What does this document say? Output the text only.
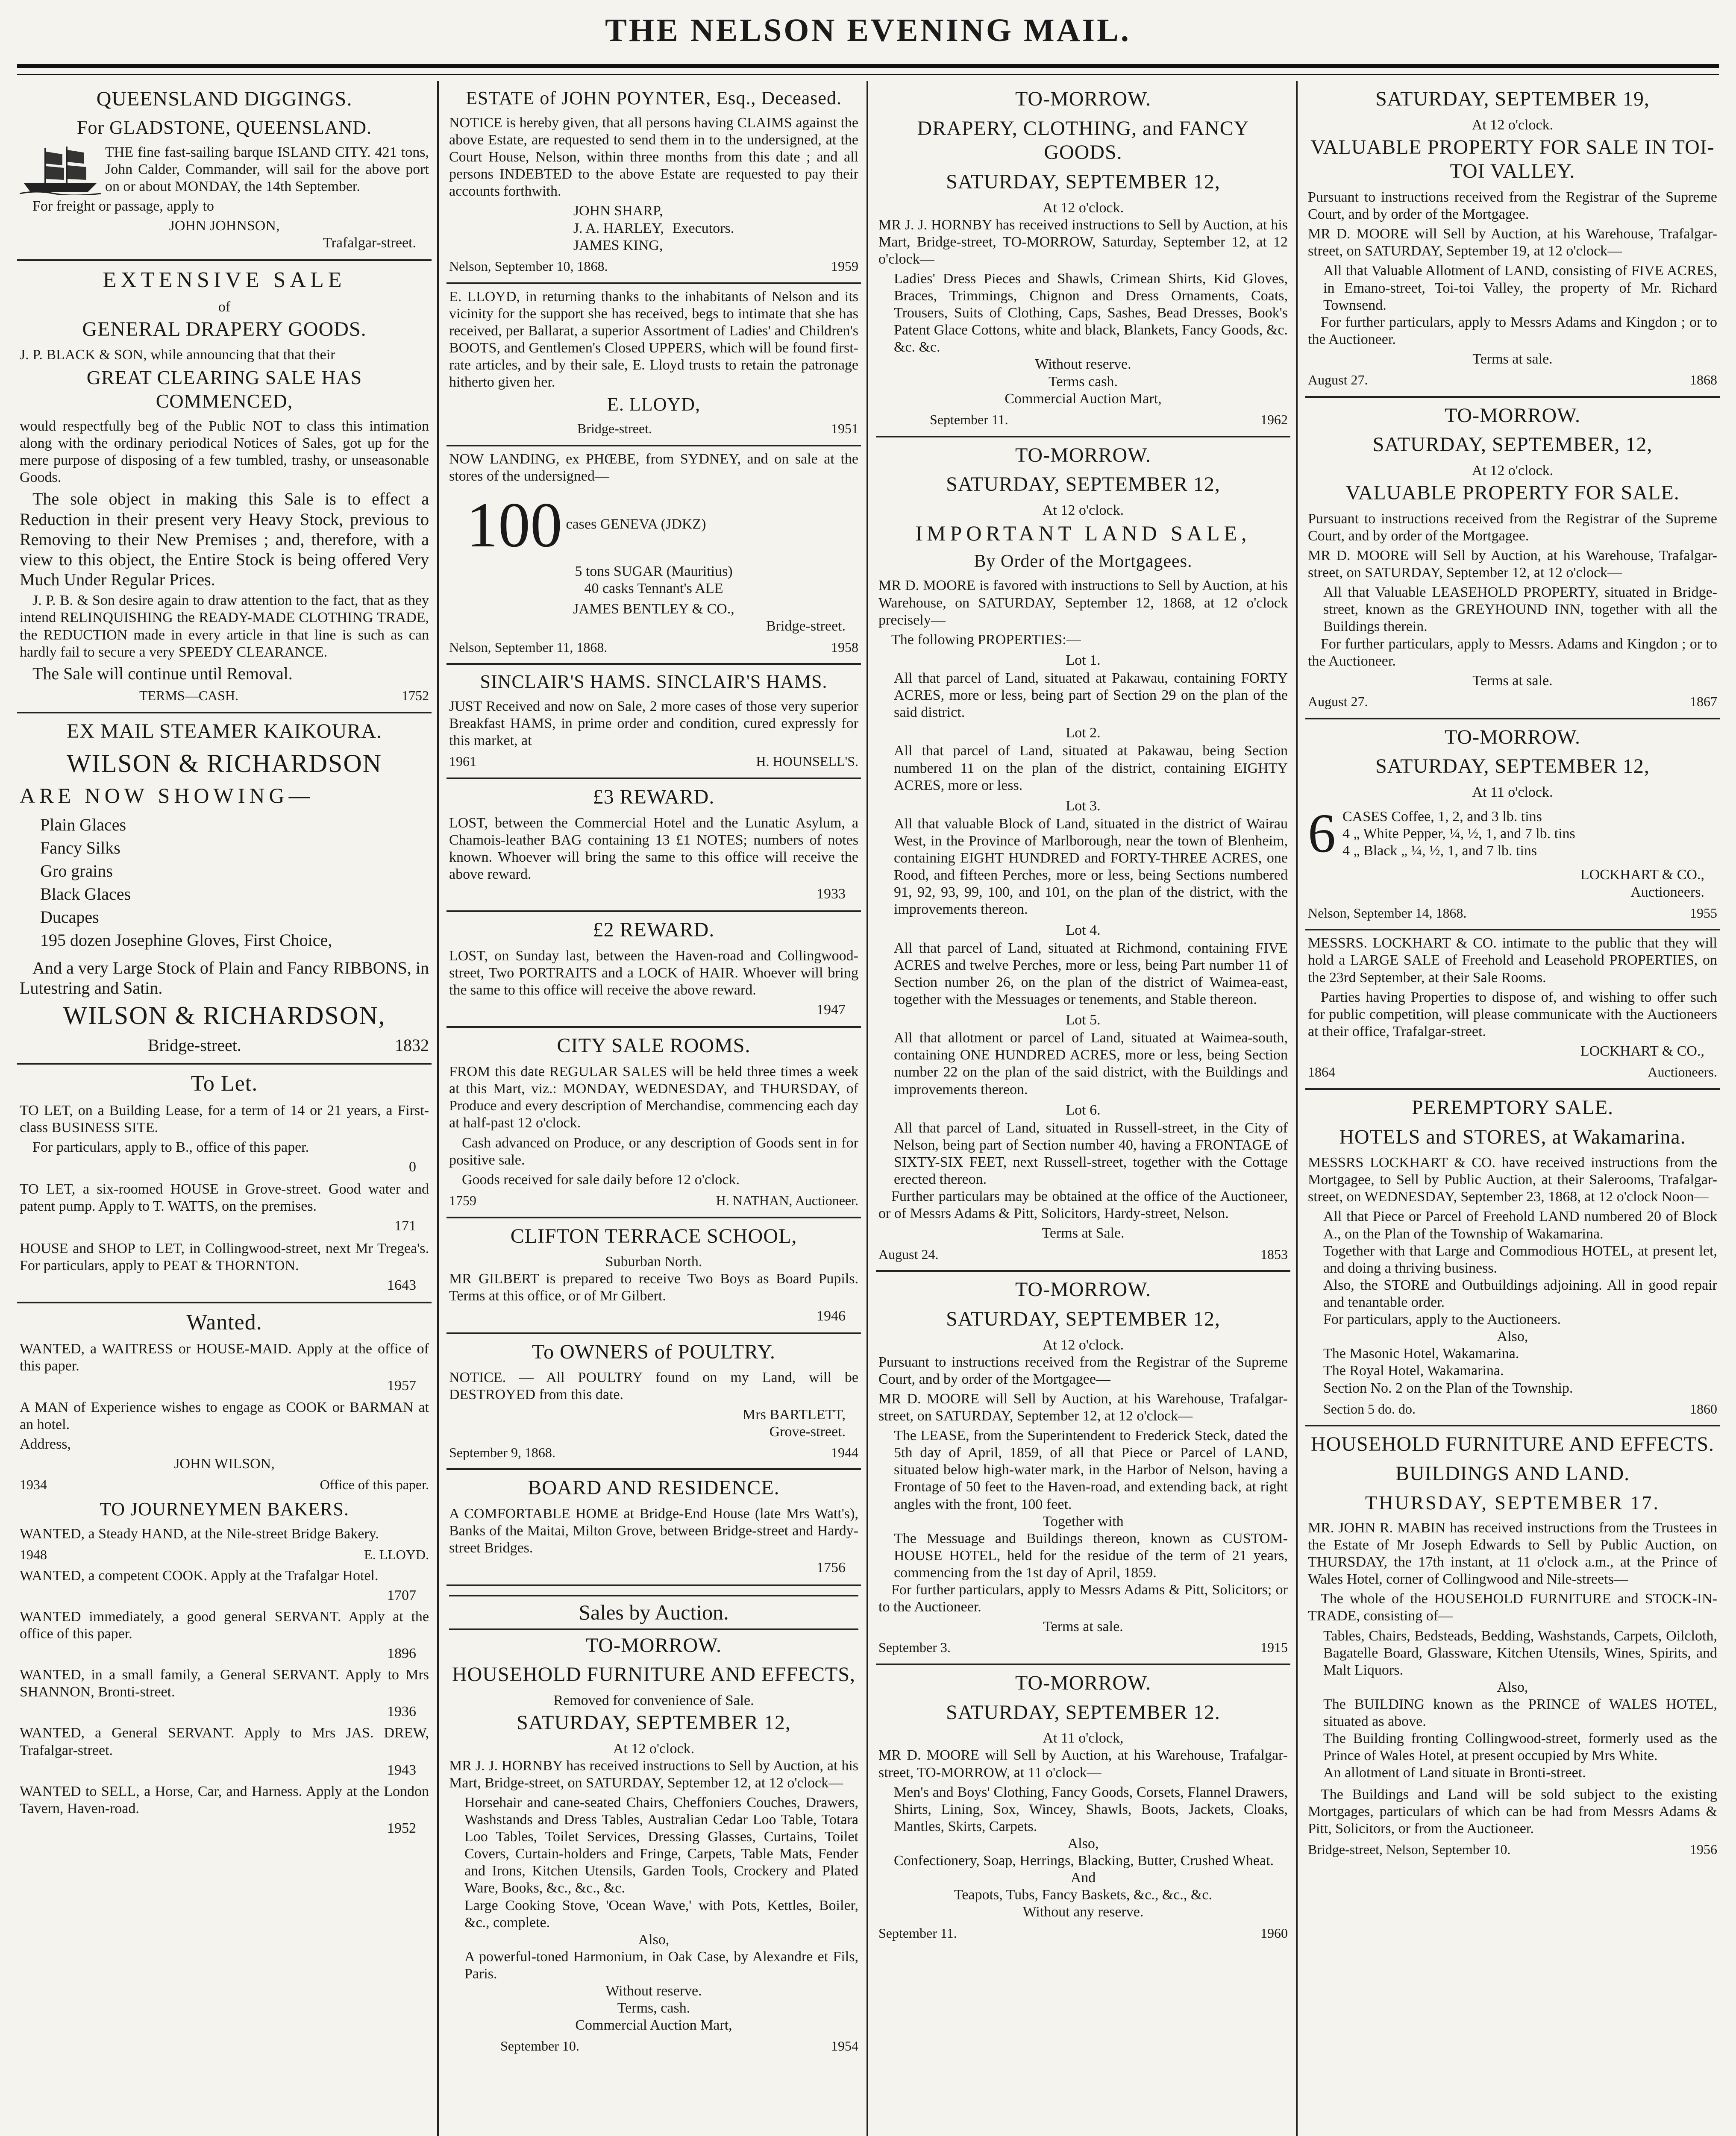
THE NELSON EVENING MAIL.
QUEENSLAND DIGGINGS.
For GLADSTONE, QUEENSLAND.
THE fine fast-sailing barque ISLAND CITY. 421 tons, John Calder, Commander, will sail for the above port on or about MONDAY, the 14th September.
For freight or passage, apply to
JOHN JOHNSON,
Trafalgar-street.
EXTENSIVE SALE
of
GENERAL DRAPERY GOODS.
J. P. BLACK & SON, while announcing that that their
GREAT CLEARING SALE HAS COMMENCED,
would respectfully beg of the Public NOT to class this intimation along with the ordinary periodical Notices of Sales, got up for the mere purpose of disposing of a few tumbled, trashy, or unseasonable Goods.
The sole object in making this Sale is to effect a Reduction in their present very Heavy Stock, previous to Removing to their New Premises ; and, therefore, with a view to this object, the Entire Stock is being offered Very Much Under Regular Prices.
J. P. B. & Son desire again to draw attention to the fact, that as they intend RELINQUISHING the READY-MADE CLOTHING TRADE, the REDUCTION made in every article in that line is such as can hardly fail to secure a very SPEEDY CLEARANCE.
The Sale will continue until Removal.
TERMS—CASH.	1752
EX MAIL STEAMER KAIKOURA.
WILSON & RICHARDSON
ARE NOW SHOWING—
Plain Glaces
Fancy Silks
Gro grains
Black Glaces
Ducapes
195 dozen Josephine Gloves, First Choice,
And a very Large Stock of Plain and Fancy RIBBONS, in Lutestring and Satin.
WILSON & RICHARDSON,
Bridge-street.	1832
To Let.
TO LET, on a Building Lease, for a term of 14 or 21 years, a First-class BUSINESS SITE.
For particulars, apply to B., office of this paper.
0
TO LET, a six-roomed HOUSE in Grove-street. Good water and patent pump. Apply to T. WATTS, on the premises.
171
HOUSE and SHOP to LET, in Collingwood-street, next Mr Tregea's. For particulars, apply to PEAT & THORNTON.
1643
Wanted.
WANTED, a WAITRESS or HOUSE-MAID. Apply at the office of this paper.
1957
A MAN of Experience wishes to engage as COOK or BARMAN at an hotel.
Address,
JOHN WILSON,
1934	Office of this paper.
TO JOURNEYMEN BAKERS.
WANTED, a Steady HAND, at the Nile-street Bridge Bakery.
1948	E. LLOYD.
WANTED, a competent COOK. Apply at the Trafalgar Hotel.
1707
WANTED immediately, a good general SERVANT. Apply at the office of this paper.
1896
WANTED, in a small family, a General SERVANT. Apply to Mrs SHANNON, Bronti-street.
1936
WANTED, a General SERVANT. Apply to Mrs JAS. DREW, Trafalgar-street.
1943
WANTED to SELL, a Horse, Car, and Harness. Apply at the London Tavern, Haven-road.
1952
ESTATE of JOHN POYNTER, Esq., Deceased.
NOTICE is hereby given, that all persons having CLAIMS against the above Estate, are requested to send them in to the undersigned, at the Court House, Nelson, within three months from this date ; and all persons INDEBTED to the above Estate are requested to pay their accounts forthwith.
JOHN SHARP,
J. A. HARLEY,
JAMES KING,
Executors.
Nelson, September 10, 1868.	1959
E. LLOYD, in returning thanks to the inhabitants of Nelson and its vicinity for the support she has received, begs to intimate that she has received, per Ballarat, a superior Assortment of Ladies' and Children's BOOTS, and Gentlemen's Closed UPPERS, which will be found first-rate articles, and by their sale, E. Lloyd trusts to retain the patronage hitherto given her.
E. LLOYD,
Bridge-street.	1951
NOW LANDING, ex PHŒBE, from SYDNEY, and on sale at the stores of the undersigned—
100 cases GENEVA (JDKZ)
5 tons SUGAR (Mauritius)
40 casks Tennant's ALE
JAMES BENTLEY & CO.,
Bridge-street.
Nelson, September 11, 1868.	1958
SINCLAIR'S HAMS. SINCLAIR'S HAMS.
JUST Received and now on Sale, 2 more cases of those very superior Breakfast HAMS, in prime order and condition, cured expressly for this market, at
1961	H. HOUNSELL'S.
£3 REWARD.
LOST, between the Commercial Hotel and the Lunatic Asylum, a Chamois-leather BAG containing 13 £1 NOTES; numbers of notes known. Whoever will bring the same to this office will receive the above reward.
1933
£2 REWARD.
LOST, on Sunday last, between the Haven-road and Collingwood-street, Two PORTRAITS and a LOCK of HAIR. Whoever will bring the same to this office will receive the above reward.
1947
CITY SALE ROOMS.
FROM this date REGULAR SALES will be held three times a week at this Mart, viz.: MONDAY, WEDNESDAY, and THURSDAY, of Produce and every description of Merchandise, commencing each day at half-past 12 o'clock.
Cash advanced on Produce, or any description of Goods sent in for positive sale.
Goods received for sale daily before 12 o'clock.
1759	H. NATHAN, Auctioneer.
CLIFTON TERRACE SCHOOL,
Suburban North.
MR GILBERT is prepared to receive Two Boys as Board Pupils. Terms at this office, or of Mr Gilbert.
1946
To OWNERS of POULTRY.
NOTICE. — All POULTRY found on my Land, will be DESTROYED from this date.
Mrs BARTLETT,
Grove-street.
September 9, 1868.	1944
BOARD AND RESIDENCE.
A COMFORTABLE HOME at Bridge-End House (late Mrs Watt's), Banks of the Maitai, Milton Grove, between Bridge-street and Hardy-street Bridges.
1756
Sales by Auction.
TO-MORROW.
HOUSEHOLD FURNITURE AND EFFECTS,
Removed for convenience of Sale.
SATURDAY, SEPTEMBER 12,
At 12 o'clock.
MR J. J. HORNBY has received instructions to Sell by Auction, at his Mart, Bridge-street, on SATURDAY, September 12, at 12 o'clock—
Horsehair and cane-seated Chairs, Cheffoniers Couches, Drawers, Washstands and Dress Tables, Australian Cedar Loo Table, Totara Loo Tables, Toilet Services, Dressing Glasses, Curtains, Toilet Covers, Curtain-holders and Fringe, Carpets, Table Mats, Fender and Irons, Kitchen Utensils, Garden Tools, Crockery and Plated Ware, Books, &c., &c., &c.
Large Cooking Stove, 'Ocean Wave,' with Pots, Kettles, Boiler, &c., complete.
Also,
A powerful-toned Harmonium, in Oak Case, by Alexandre et Fils, Paris.
Without reserve.
Terms, cash.
Commercial Auction Mart,
September 10.	1954
TO-MORROW.
DRAPERY, CLOTHING, and FANCY GOODS.
SATURDAY, SEPTEMBER 12,
At 12 o'clock.
MR J. J. HORNBY has received instructions to Sell by Auction, at his Mart, Bridge-street, TO-MORROW, Saturday, September 12, at 12 o'clock—
Ladies' Dress Pieces and Shawls, Crimean Shirts, Kid Gloves, Braces, Trimmings, Chignon and Dress Ornaments, Coats, Trousers, Suits of Clothing, Caps, Sashes, Bead Dresses, Book's Patent Glace Cottons, white and black, Blankets, Fancy Goods, &c. &c. &c.
Without reserve.
Terms cash.
Commercial Auction Mart,
September 11.	1962
TO-MORROW.
SATURDAY, SEPTEMBER 12,
At 12 o'clock.
IMPORTANT LAND SALE,
By Order of the Mortgagees.
MR D. MOORE is favored with instructions to Sell by Auction, at his Warehouse, on SATURDAY, September 12, 1868, at 12 o'clock precisely—
The following PROPERTIES:—
Lot 1.
All that parcel of Land, situated at Pakawau, containing FORTY ACRES, more or less, being part of Section 29 on the plan of the said district.
Lot 2.
All that parcel of Land, situated at Pakawau, being Section numbered 11 on the plan of the district, containing EIGHTY ACRES, more or less.
Lot 3.
All that valuable Block of Land, situated in the district of Wairau West, in the Province of Marlborough, near the town of Blenheim, containing EIGHT HUNDRED and FORTY-THREE ACRES, one Rood, and fifteen Perches, more or less, being Sections numbered 91, 92, 93, 99, 100, and 101, on the plan of the district, with the improvements thereon.
Lot 4.
All that parcel of Land, situated at Richmond, containing FIVE ACRES and twelve Perches, more or less, being Part number 11 of Section number 26, on the plan of the district of Waimea-east, together with the Messuages or tenements, and Stable thereon.
Lot 5.
All that allotment or parcel of Land, situated at Waimea-south, containing ONE HUNDRED ACRES, more or less, being Section number 22 on the plan of the said district, with the Buildings and improvements thereon.
Lot 6.
All that parcel of Land, situated in Russell-street, in the City of Nelson, being part of Section number 40, having a FRONTAGE of SIXTY-SIX FEET, next Russell-street, together with the Cottage erected thereon.
Further particulars may be obtained at the office of the Auctioneer, or of Messrs Adams & Pitt, Solicitors, Hardy-street, Nelson.
Terms at Sale.
August 24.	1853
TO-MORROW.
SATURDAY, SEPTEMBER 12,
At 12 o'clock.
Pursuant to instructions received from the Registrar of the Supreme Court, and by order of the Mortgagee—
MR D. MOORE will Sell by Auction, at his Warehouse, Trafalgar-street, on SATURDAY, September 12, at 12 o'clock—
The LEASE, from the Superintendent to Frederick Steck, dated the 5th day of April, 1859, of all that Piece or Parcel of LAND, situated below high-water mark, in the Harbor of Nelson, having a Frontage of 50 feet to the Haven-road, and extending back, at right angles with the front, 100 feet.
Together with
The Messuage and Buildings thereon, known as CUSTOM-HOUSE HOTEL, held for the residue of the term of 21 years, commencing from the 1st day of April, 1859.
For further particulars, apply to Messrs Adams & Pitt, Solicitors; or to the Auctioneer.
Terms at sale.
September 3.	1915
TO-MORROW.
SATURDAY, SEPTEMBER 12.
At 11 o'clock,
MR D. MOORE will Sell by Auction, at his Warehouse, Trafalgar-street, TO-MORROW, at 11 o'clock—
Men's and Boys' Clothing, Fancy Goods, Corsets, Flannel Drawers, Shirts, Lining, Sox, Wincey, Shawls, Boots, Jackets, Cloaks, Mantles, Skirts, Carpets.
Also,
Confectionery, Soap, Herrings, Blacking, Butter, Crushed Wheat.
And
Teapots, Tubs, Fancy Baskets, &c., &c., &c.
Without any reserve.
September 11.	1960
SATURDAY, SEPTEMBER 19,
At 12 o'clock.
VALUABLE PROPERTY FOR SALE IN TOI-TOI VALLEY.
Pursuant to instructions received from the Registrar of the Supreme Court, and by order of the Mortgagee.
MR D. MOORE will Sell by Auction, at his Warehouse, Trafalgar-street, on SATURDAY, September 19, at 12 o'clock—
All that Valuable Allotment of LAND, consisting of FIVE ACRES, in Emano-street, Toi-toi Valley, the property of Mr. Richard Townsend.
For further particulars, apply to Messrs Adams and Kingdon ; or to the Auctioneer.
Terms at sale.
August 27.	1868
TO-MORROW.
SATURDAY, SEPTEMBER, 12,
At 12 o'clock.
VALUABLE PROPERTY FOR SALE.
Pursuant to instructions received from the Registrar of the Supreme Court, and by order of the Mortgagee.
MR D. MOORE will Sell by Auction, at his Warehouse, Trafalgar-street, on SATURDAY, September 12, at 12 o'clock—
All that Valuable LEASEHOLD PROPERTY, situated in Bridge-street, known as the GREYHOUND INN, together with all the Buildings therein.
For further particulars, apply to Messrs. Adams and Kingdon ; or to the Auctioneer.
Terms at sale.
August 27.	1867
TO-MORROW.
SATURDAY, SEPTEMBER 12,
At 11 o'clock.
6 CASES Coffee, 1, 2, and 3 lb. tins
4 „ White Pepper, ¼, ½, 1, and 7 lb. tins
4 „ Black „ ¼, ½, 1, and 7 lb. tins
LOCKHART & CO.,
Auctioneers.
Nelson, September 14, 1868.	1955
MESSRS. LOCKHART & CO. intimate to the public that they will hold a LARGE SALE of Freehold and Leasehold PROPERTIES, on the 23rd September, at their Sale Rooms.
Parties having Properties to dispose of, and wishing to offer such for public competition, will please communicate with the Auctioneers at their office, Trafalgar-street.
LOCKHART & CO.,
1864	Auctioneers.
PEREMPTORY SALE.
HOTELS and STORES, at Wakamarina.
MESSRS LOCKHART & CO. have received instructions from the Mortgagee, to Sell by Public Auction, at their Salerooms, Trafalgar-street, on WEDNESDAY, September 23, 1868, at 12 o'clock Noon—
All that Piece or Parcel of Freehold LAND numbered 20 of Block A., on the Plan of the Township of Wakamarina.
Together with that Large and Commodious HOTEL, at present let, and doing a thriving business.
Also, the STORE and Outbuildings adjoining. All in good repair and tenantable order.
For particulars, apply to the Auctioneers.
Also,
The Masonic Hotel, Wakamarina.
The Royal Hotel, Wakamarina.
Section No. 2 on the Plan of the Township.
Section 5 do. do.	1860
HOUSEHOLD FURNITURE AND EFFECTS.
BUILDINGS AND LAND.
THURSDAY, SEPTEMBER 17.
MR. JOHN R. MABIN has received instructions from the Trustees in the Estate of Mr Joseph Edwards to Sell by Public Auction, on THURSDAY, the 17th instant, at 11 o'clock a.m., at the Prince of Wales Hotel, corner of Collingwood and Nile-streets—
The whole of the HOUSEHOLD FURNITURE and STOCK-IN-TRADE, consisting of—
Tables, Chairs, Bedsteads, Bedding, Washstands, Carpets, Oilcloth, Bagatelle Board, Glassware, Kitchen Utensils, Wines, Spirits, and Malt Liquors.
Also,
The BUILDING known as the PRINCE of WALES HOTEL, situated as above.
The Building fronting Collingwood-street, formerly used as the Prince of Wales Hotel, at present occupied by Mrs White.
An allotment of Land situate in Bronti-street.
The Buildings and Land will be sold subject to the existing Mortgages, particulars of which can be had from Messrs Adams & Pitt, Solicitors, or from the Auctioneer.
Bridge-street, Nelson, September 10.	1956
